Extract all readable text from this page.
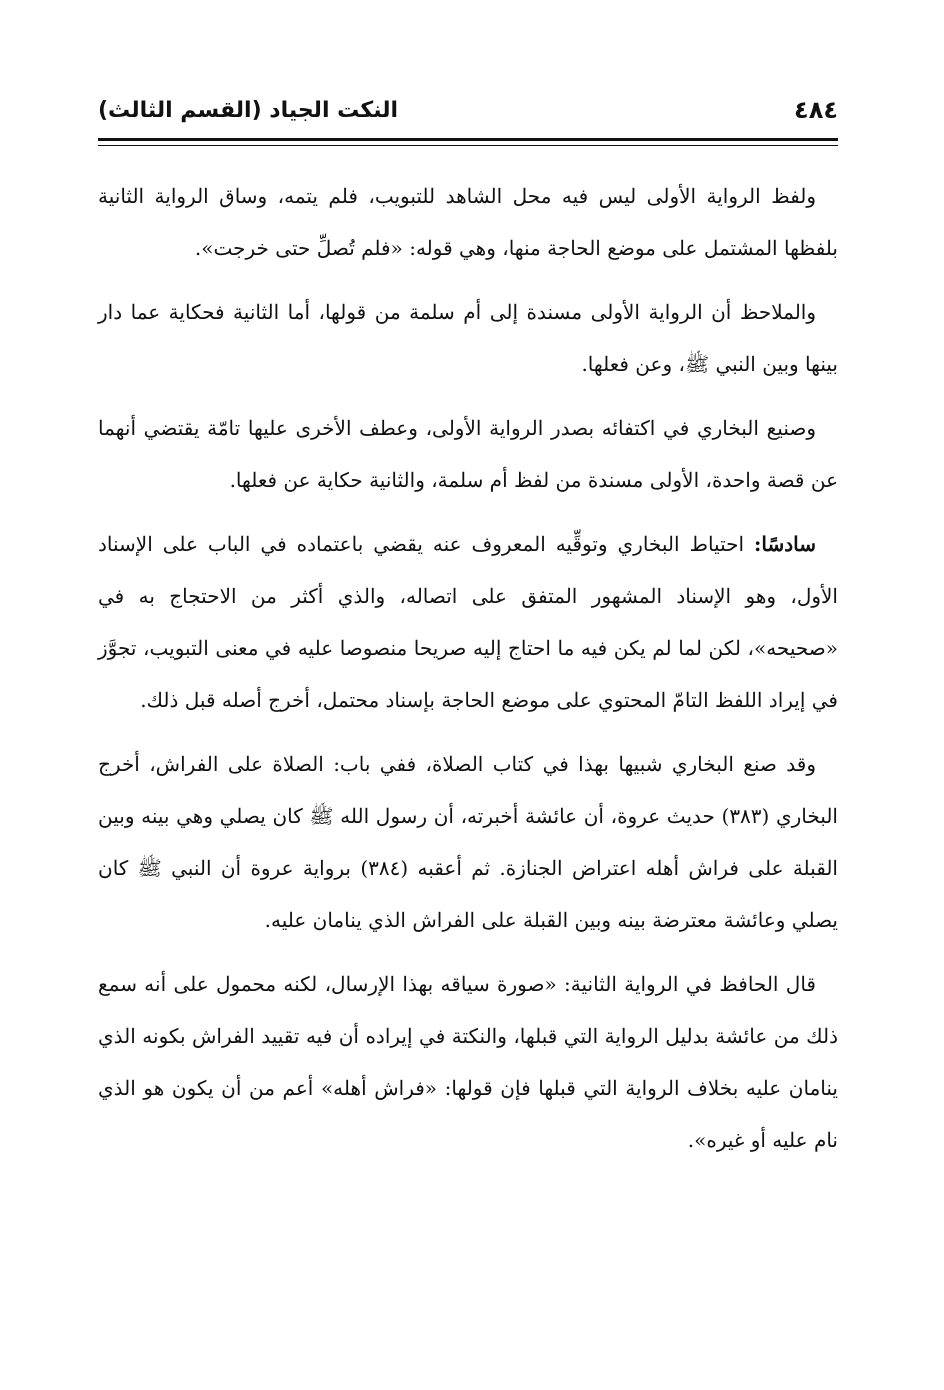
٤٨٤
النكت الجياد (القسم الثالث)

ولفظ الرواية الأولى ليس فيه محل الشاهد للتبويب، فلم يتمه، وساق الرواية الثانية بلفظها المشتمل على موضع الحاجة منها، وهي قوله: «فلم تُصلِّ حتى خرجت».

والملاحظ أن الرواية الأولى مسندة إلى أم سلمة من قولها، أما الثانية فحكاية عما دار بينها وبين النبي ﷺ، وعن فعلها.

وصنيع البخاري في اكتفائه بصدر الرواية الأولى، وعطف الأخرى عليها تامّة يقتضي أنهما عن قصة واحدة، الأولى مسندة من لفظ أم سلمة، والثانية حكاية عن فعلها.

سادسًا: احتياط البخاري وتوقِّيه المعروف عنه يقضي باعتماده في الباب على الإسناد الأول، وهو الإسناد المشهور المتفق على اتصاله، والذي أكثر من الاحتجاج به في «صحيحه»، لكن لما لم يكن فيه ما احتاج إليه صريحا منصوصا عليه في معنى التبويب، تجوَّز في إيراد اللفظ التامّ المحتوي على موضع الحاجة بإسناد محتمل، أخرج أصله قبل ذلك.

وقد صنع البخاري شبيها بهذا في كتاب الصلاة، ففي باب: الصلاة على الفراش، أخرج البخاري (٣٨٣) حديث عروة، أن عائشة أخبرته، أن رسول الله ﷺ كان يصلي وهي بينه وبين القبلة على فراش أهله اعتراض الجنازة. ثم أعقبه (٣٨٤) برواية عروة أن النبي ﷺ كان يصلي وعائشة معترضة بينه وبين القبلة على الفراش الذي ينامان عليه.

قال الحافظ في الرواية الثانية: «صورة سياقه بهذا الإرسال، لكنه محمول على أنه سمع ذلك من عائشة بدليل الرواية التي قبلها، والنكتة في إيراده أن فيه تقييد الفراش بكونه الذي ينامان عليه بخلاف الرواية التي قبلها فإن قولها: «فراش أهله» أعم من أن يكون هو الذي نام عليه أو غيره».
